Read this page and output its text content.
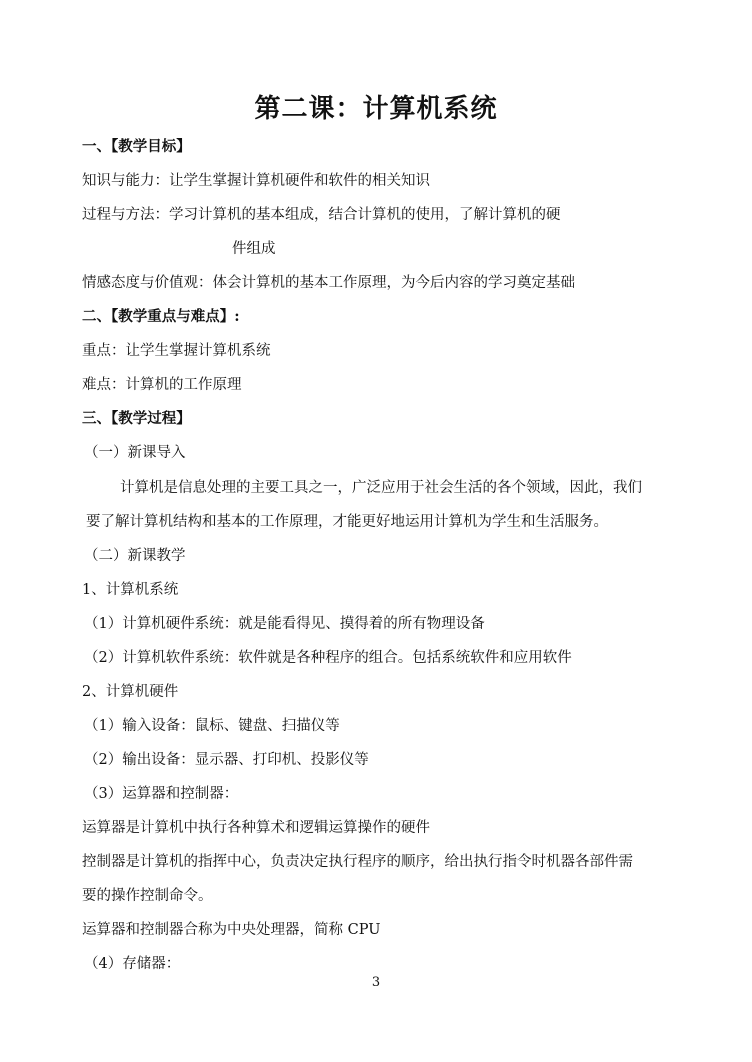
第二课：计算机系统
一、【教学目标】
知识与能力：让学生掌握计算机硬件和软件的相关知识
过程与方法：学习计算机的基本组成，结合计算机的使用，了解计算机的硬
件组成
情感态度与价值观：体会计算机的基本工作原理，为今后内容的学习奠定基础
二、【教学重点与难点】:
重点：让学生掌握计算机系统
难点：计算机的工作原理
三、【教学过程】
（一）新课导入
计算机是信息处理的主要工具之一，广泛应用于社会生活的各个领域，因此，我们
要了解计算机结构和基本的工作原理，才能更好地运用计算机为学生和生活服务。
（二）新课教学
1、计算机系统
（1）计算机硬件系统：就是能看得见、摸得着的所有物理设备
（2）计算机软件系统：软件就是各种程序的组合。包括系统软件和应用软件
2、计算机硬件
（1）输入设备：鼠标、键盘、扫描仪等
（2）输出设备：显示器、打印机、投影仪等
（3）运算器和控制器：
运算器是计算机中执行各种算术和逻辑运算操作的硬件
控制器是计算机的指挥中心，负责决定执行程序的顺序，给出执行指令时机器各部件需
要的操作控制命令。
运算器和控制器合称为中央处理器，简称 CPU
（4）存储器：
3
